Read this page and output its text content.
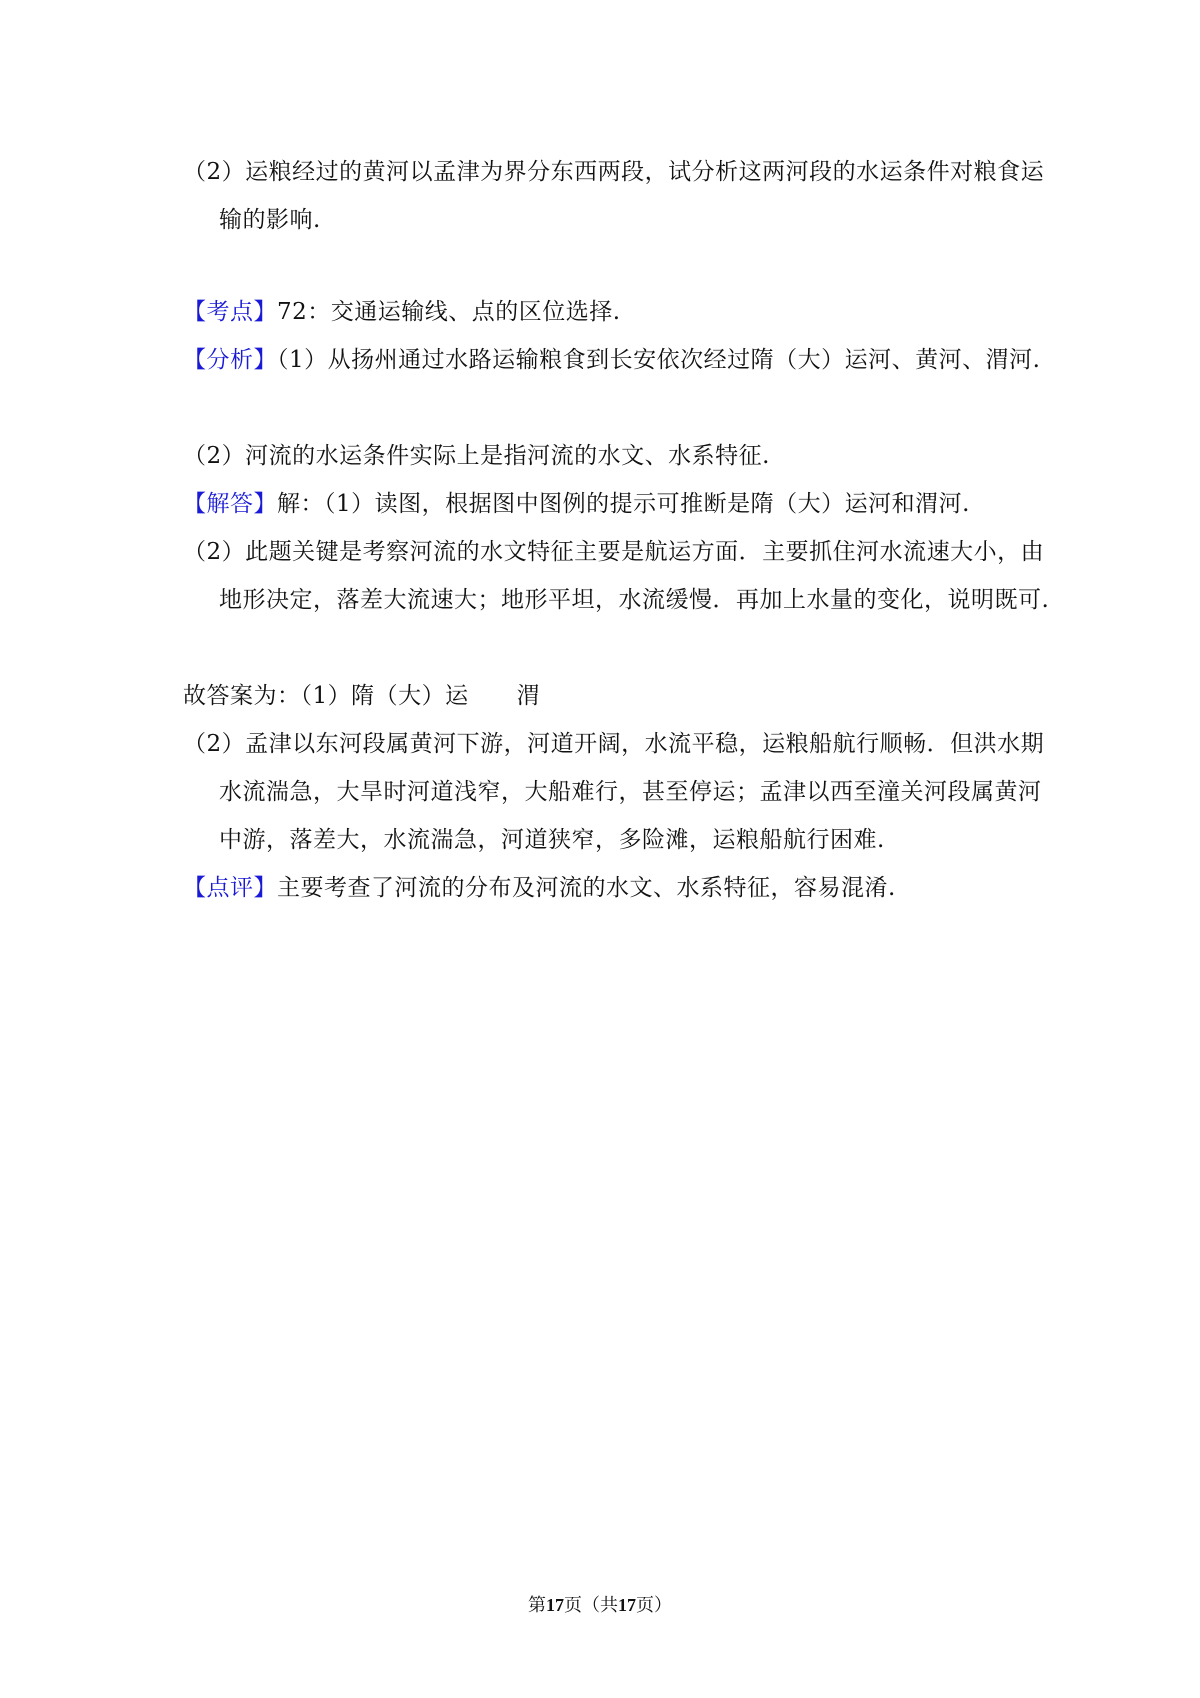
（2）运粮经过的黄河以孟津为界分东西两段，试分析这两河段的水运条件对粮食运输的影响.
【考点】72：交通运输线、点的区位选择.
【分析】（1）从扬州通过水路运输粮食到长安依次经过隋（大）运河、黄河、渭河.
（2）河流的水运条件实际上是指河流的水文、水系特征.
【解答】解：（1）读图，根据图中图例的提示可推断是隋（大）运河和渭河.
（2）此题关键是考察河流的水文特征主要是航运方面．主要抓住河水流速大小，由地形决定，落差大流速大；地形平坦，水流缓慢．再加上水量的变化，说明既可.
故答案为：（1）隋（大）运 渭
（2）孟津以东河段属黄河下游，河道开阔，水流平稳，运粮船航行顺畅．但洪水期水流湍急，大旱时河道浅窄，大船难行，甚至停运；孟津以西至潼关河段属黄河中游，落差大，水流湍急，河道狭窄，多险滩，运粮船航行困难.
【点评】主要考查了河流的分布及河流的水文、水系特征，容易混淆.
第17页（共17页）
